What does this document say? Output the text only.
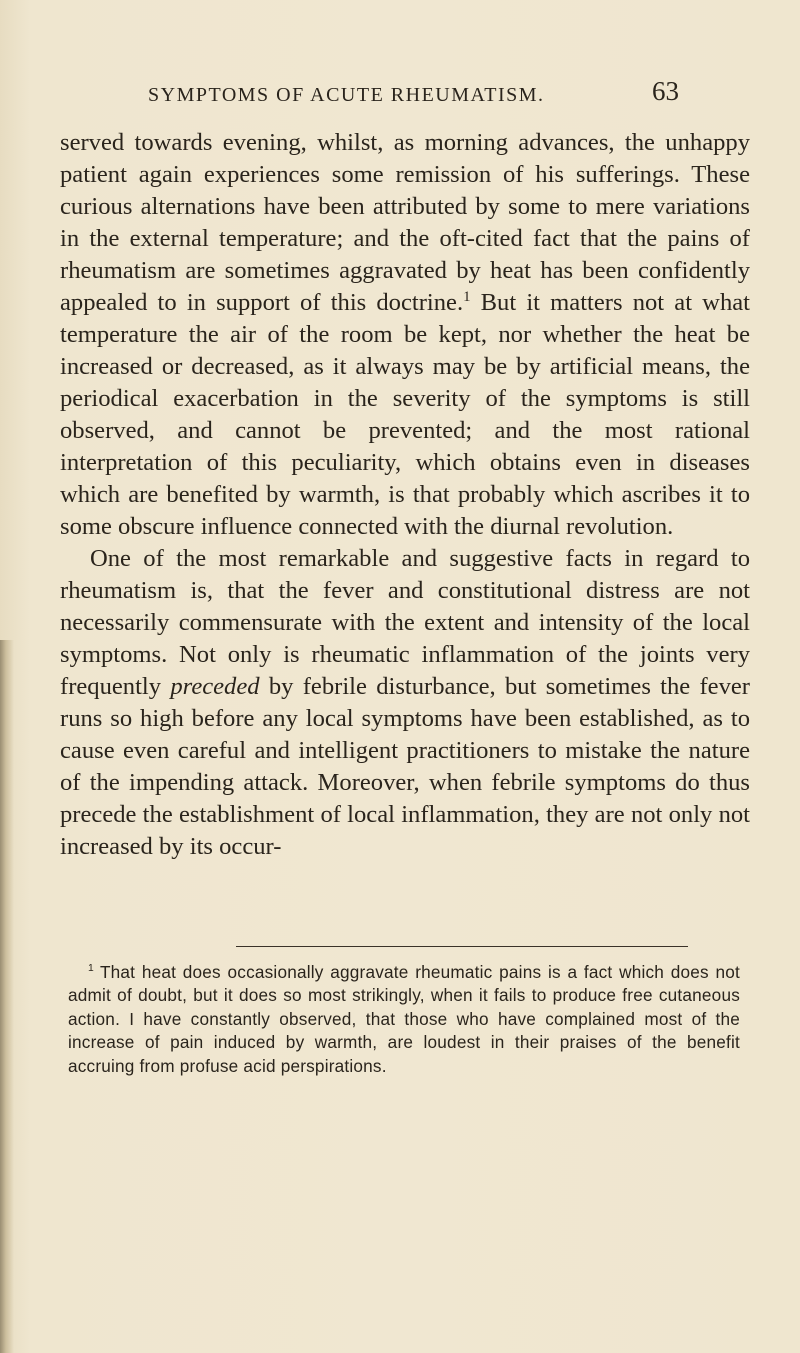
SYMPTOMS OF ACUTE RHEUMATISM.	63

served towards evening, whilst, as morning advances, the unhappy patient again experiences some remission of his sufferings. These curious alternations have been attributed by some to mere variations in the external temperature; and the oft-cited fact that the pains of rheumatism are sometimes aggravated by heat has been confidently appealed to in support of this doctrine.$^1$ But it matters not at what temperature the air of the room be kept, nor whether the heat be increased or decreased, as it always may be by artificial means, the periodical exacerbation in the severity of the symptoms is still observed, and cannot be prevented; and the most rational interpretation of this peculiarity, which obtains even in diseases which are benefited by warmth, is that probably which ascribes it to some obscure influence connected with the diurnal revolution.

One of the most remarkable and suggestive facts in regard to rheumatism is, that the fever and constitutional distress are not necessarily commensurate with the extent and intensity of the local symptoms. Not only is rheumatic inflammation of the joints very frequently preceded by febrile disturbance, but sometimes the fever runs so high before any local symptoms have been established, as to cause even careful and intelligent practitioners to mistake the nature of the impending attack. Moreover, when febrile symptoms do thus precede the establishment of local inflammation, they are not only not increased by its occur-

$^1$ That heat does occasionally aggravate rheumatic pains is a fact which does not admit of doubt, but it does so most strikingly, when it fails to produce free cutaneous action. I have constantly observed, that those who have complained most of the increase of pain induced by warmth, are loudest in their praises of the benefit accruing from profuse acid perspirations.
